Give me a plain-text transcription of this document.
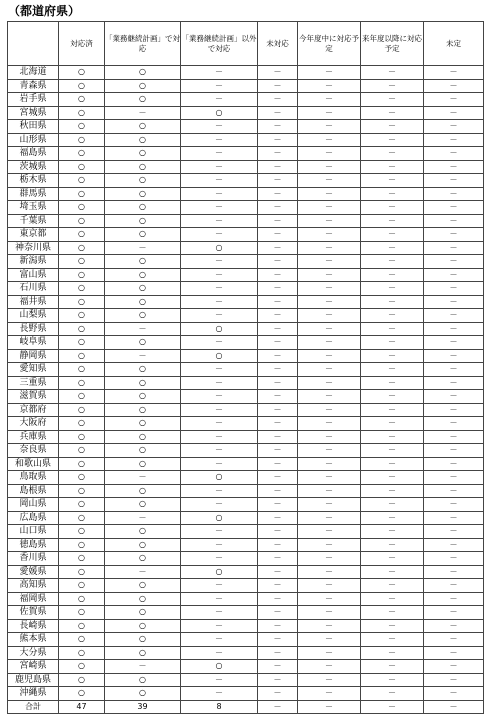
（都道府県）
	対応済	「業務継続計画」で対応	「業務継続計画」以外で対応	未対応	今年度中に対応予定	来年度以降に対応予定	未定
北海道	○	○	－	－	－	－	－
青森県	○	○	－	－	－	－	－
岩手県	○	○	－	－	－	－	－
宮城県	○	－	○	－	－	－	－
秋田県	○	○	－	－	－	－	－
山形県	○	○	－	－	－	－	－
福島県	○	○	－	－	－	－	－
茨城県	○	○	－	－	－	－	－
栃木県	○	○	－	－	－	－	－
群馬県	○	○	－	－	－	－	－
埼玉県	○	○	－	－	－	－	－
千葉県	○	○	－	－	－	－	－
東京都	○	○	－	－	－	－	－
神奈川県	○	－	○	－	－	－	－
新潟県	○	○	－	－	－	－	－
富山県	○	○	－	－	－	－	－
石川県	○	○	－	－	－	－	－
福井県	○	○	－	－	－	－	－
山梨県	○	○	－	－	－	－	－
長野県	○	－	○	－	－	－	－
岐阜県	○	○	－	－	－	－	－
静岡県	○	－	○	－	－	－	－
愛知県	○	○	－	－	－	－	－
三重県	○	○	－	－	－	－	－
滋賀県	○	○	－	－	－	－	－
京都府	○	○	－	－	－	－	－
大阪府	○	○	－	－	－	－	－
兵庫県	○	○	－	－	－	－	－
奈良県	○	○	－	－	－	－	－
和歌山県	○	○	－	－	－	－	－
鳥取県	○	－	○	－	－	－	－
島根県	○	○	－	－	－	－	－
岡山県	○	○	－	－	－	－	－
広島県	○	－	○	－	－	－	－
山口県	○	○	－	－	－	－	－
徳島県	○	○	－	－	－	－	－
香川県	○	○	－	－	－	－	－
愛媛県	○	－	○	－	－	－	－
高知県	○	○	－	－	－	－	－
福岡県	○	○	－	－	－	－	－
佐賀県	○	○	－	－	－	－	－
長崎県	○	○	－	－	－	－	－
熊本県	○	○	－	－	－	－	－
大分県	○	○	－	－	－	－	－
宮崎県	○	－	○	－	－	－	－
鹿児島県	○	○	－	－	－	－	－
沖縄県	○	○	－	－	－	－	－
合計	47	39	8	－	－	－	－
